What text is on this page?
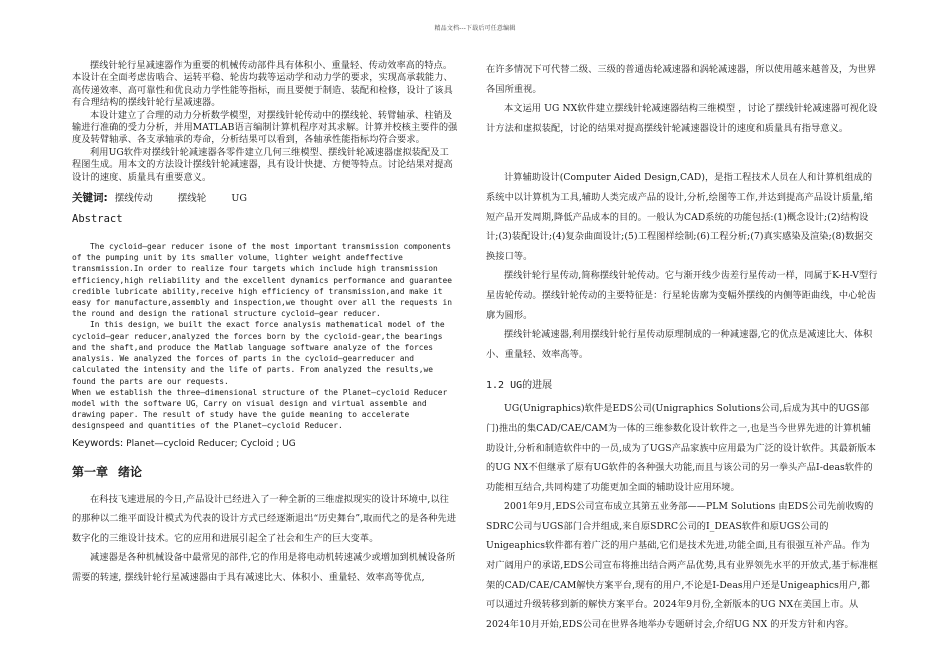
精品文档---下载后可任意编辑

摆线针轮行星减速器作为重要的机械传动部件具有体积小、重量轻、传动效率高的特点。本设计在全面考虑齿啮合、运转平稳、轮齿均载等运动学和动力学的要求，实现高承载能力、高传递效率、高可靠性和优良动力学性能等指标，而且要便于制造、装配和检修，设计了该具有合理结构的摆线针轮行星减速器。

本设计建立了合理的动力分析数学模型，对摆线针轮传动中的摆线轮、转臂轴承、柱销及输进行准确的受力分析，并用MATLAB语言编制计算机程序对其求解。计算并校核主要件的强度及转臂轴承、各支承轴承的寿命，分析结果可以看到，各轴承性能指标均符合要求。

利用UG软件对摆线针轮减速器各零件建立几何三维模型、摆线针轮减速器虚拟装配及工程图生成。用本文的方法设计摆线针轮减速器，具有设计快捷、方便等特点。讨论结果对提高设计的速度、质量具有重要意义。

关键词: 摆线传动	摆线轮	UG
Abstract

The cycloid—gear reducer isone of the most important transmission components of the pumping unit by its smaller volume，lighter weight andeffective transmission.In order to realize four targets which include high transmission efficiency,high reliability and the excellent dynamics performance and guarantee credible lubricate ability,receive high efficiency of transmission,and make it easy for manufacture,assembly and inspection,we thought over all the requests in the round and design the rational structure cycloid—gear reducer.

In this design，we built the exact force analysis mathematical model of the cycloid—gear reducer,analyzed the forces born by the cycloid-gear,the bearings and the shaft,and produce the Matlab language software analyze of the forces analysis. We analyzed the forces of parts in the cycloid—gearreducer and calculated the intensity and the life of parts. From analyzed the results,we found the parts are our requests.

When we establish the three—dimensional structure of the Planet—cycloid Reducer model with the software UG，Carry on visual design and virtual assemble and drawing paper. The result of study have the guide meaning to accelerate designspeed and quantities of the Planet—cycloid Reducer.

Keywords: Planet—cycloid Reducer; Cycloid ; UG
第一章 绪论

在科技飞速进展的今日,产品设计已经进入了一种全新的三维虚拟现实的设计环境中,以往的那种以二维平面设计模式为代表的设计方式已经逐渐退出“历史舞台”,取而代之的是各种先进数字化的三维设计技术。它的应用和进展引起全了社会和生产的巨大变革。

减速器是各种机械设备中最常见的部件,它的作用是将电动机转速减少或增加到机械设备所需要的转速, 摆线针轮行星减速器由于具有减速比大、体积小、重量轻、效率高等优点,

在许多情况下可代替二级、三级的普通齿轮减速器和涡轮减速器，所以使用越来越普及，为世界各国所重视。

本文运用 UG NX软件建立摆线针轮减速器结构三维模型 ，讨论了摆线针轮减速器可视化设计方法和虚拟装配，讨论的结果对提高摆线针轮减速器设计的速度和质量具有指导意义。

计算辅助设计(Computer Aided Design,CAD)，是指工程技术人员在人和计算机组成的系统中以计算机为工具,辅助人类完成产品的设计,分析,绘图等工作,并达到提高产品设计质量,缩短产品开发周期,降低产品成本的目的。一般认为CAD系统的功能包括:(1)概念设计;(2)结构设计;(3)装配设计;(4)复杂曲面设计;(5)工程图样绘制;(6)工程分析;(7)真实感染及渲染;(8)数据交换接口等。

摆线针轮行星传动,简称摆线针轮传动。它与渐开线少齿差行星传动一样，同属于K-H-V型行星齿轮传动。摆线针轮传动的主要特征是：行星轮齿廓为变幅外摆线的内侧等距曲线，中心轮齿廓为圆形。

摆线针轮减速器,利用摆线针轮行星传动原理制成的一种减速器,它的优点是减速比大、体积小、重量轻、效率高等。

1.2 UG的进展

UG(Unigraphics)软件是EDS公司(Unigraphics Solutions公司,后成为其中的UGS部门)推出的集CAD/CAE/CAM为一体的三维参数化设计软件之一,也是当今世界先进的计算机辅助设计,分析和制造软件中的一员,成为了UGS产品家族中应用最为广泛的设计软件。其最新版本的UG NX不但继承了原有UG软件的各种强大功能,而且与该公司的另一拳头产品I-deas软件的功能相互结合,共同构建了功能更加全面的辅助设计应用环境。

2001年9月,EDS公司宣布成立其第五业务部——PLM Solutions 由EDS公司先前收购的SDRC公司与UGS部门合并组成,来自原SDRC公司的I_DEAS软件和原UGS公司的Unigeaphics软件都有着广泛的用户基础,它们是技术先进,功能全面,且有很强互补产品。作为对广阔用户的承诺,EDS公司宣布将推出结合两产品优势,具有业界领先水平的开放式,基于标准框架的CAD/CAE/CAM解快方案平台,现有的用户,不论是I-Deas用户还是Unigeaphics用户,都可以通过升级转移到新的解快方案平台。2024年9月份,全新版本的UG NX在美国上市。从2024年10月开始,EDS公司在世界各地举办专题研讨会,介绍UG NX 的开发方针和内容。
